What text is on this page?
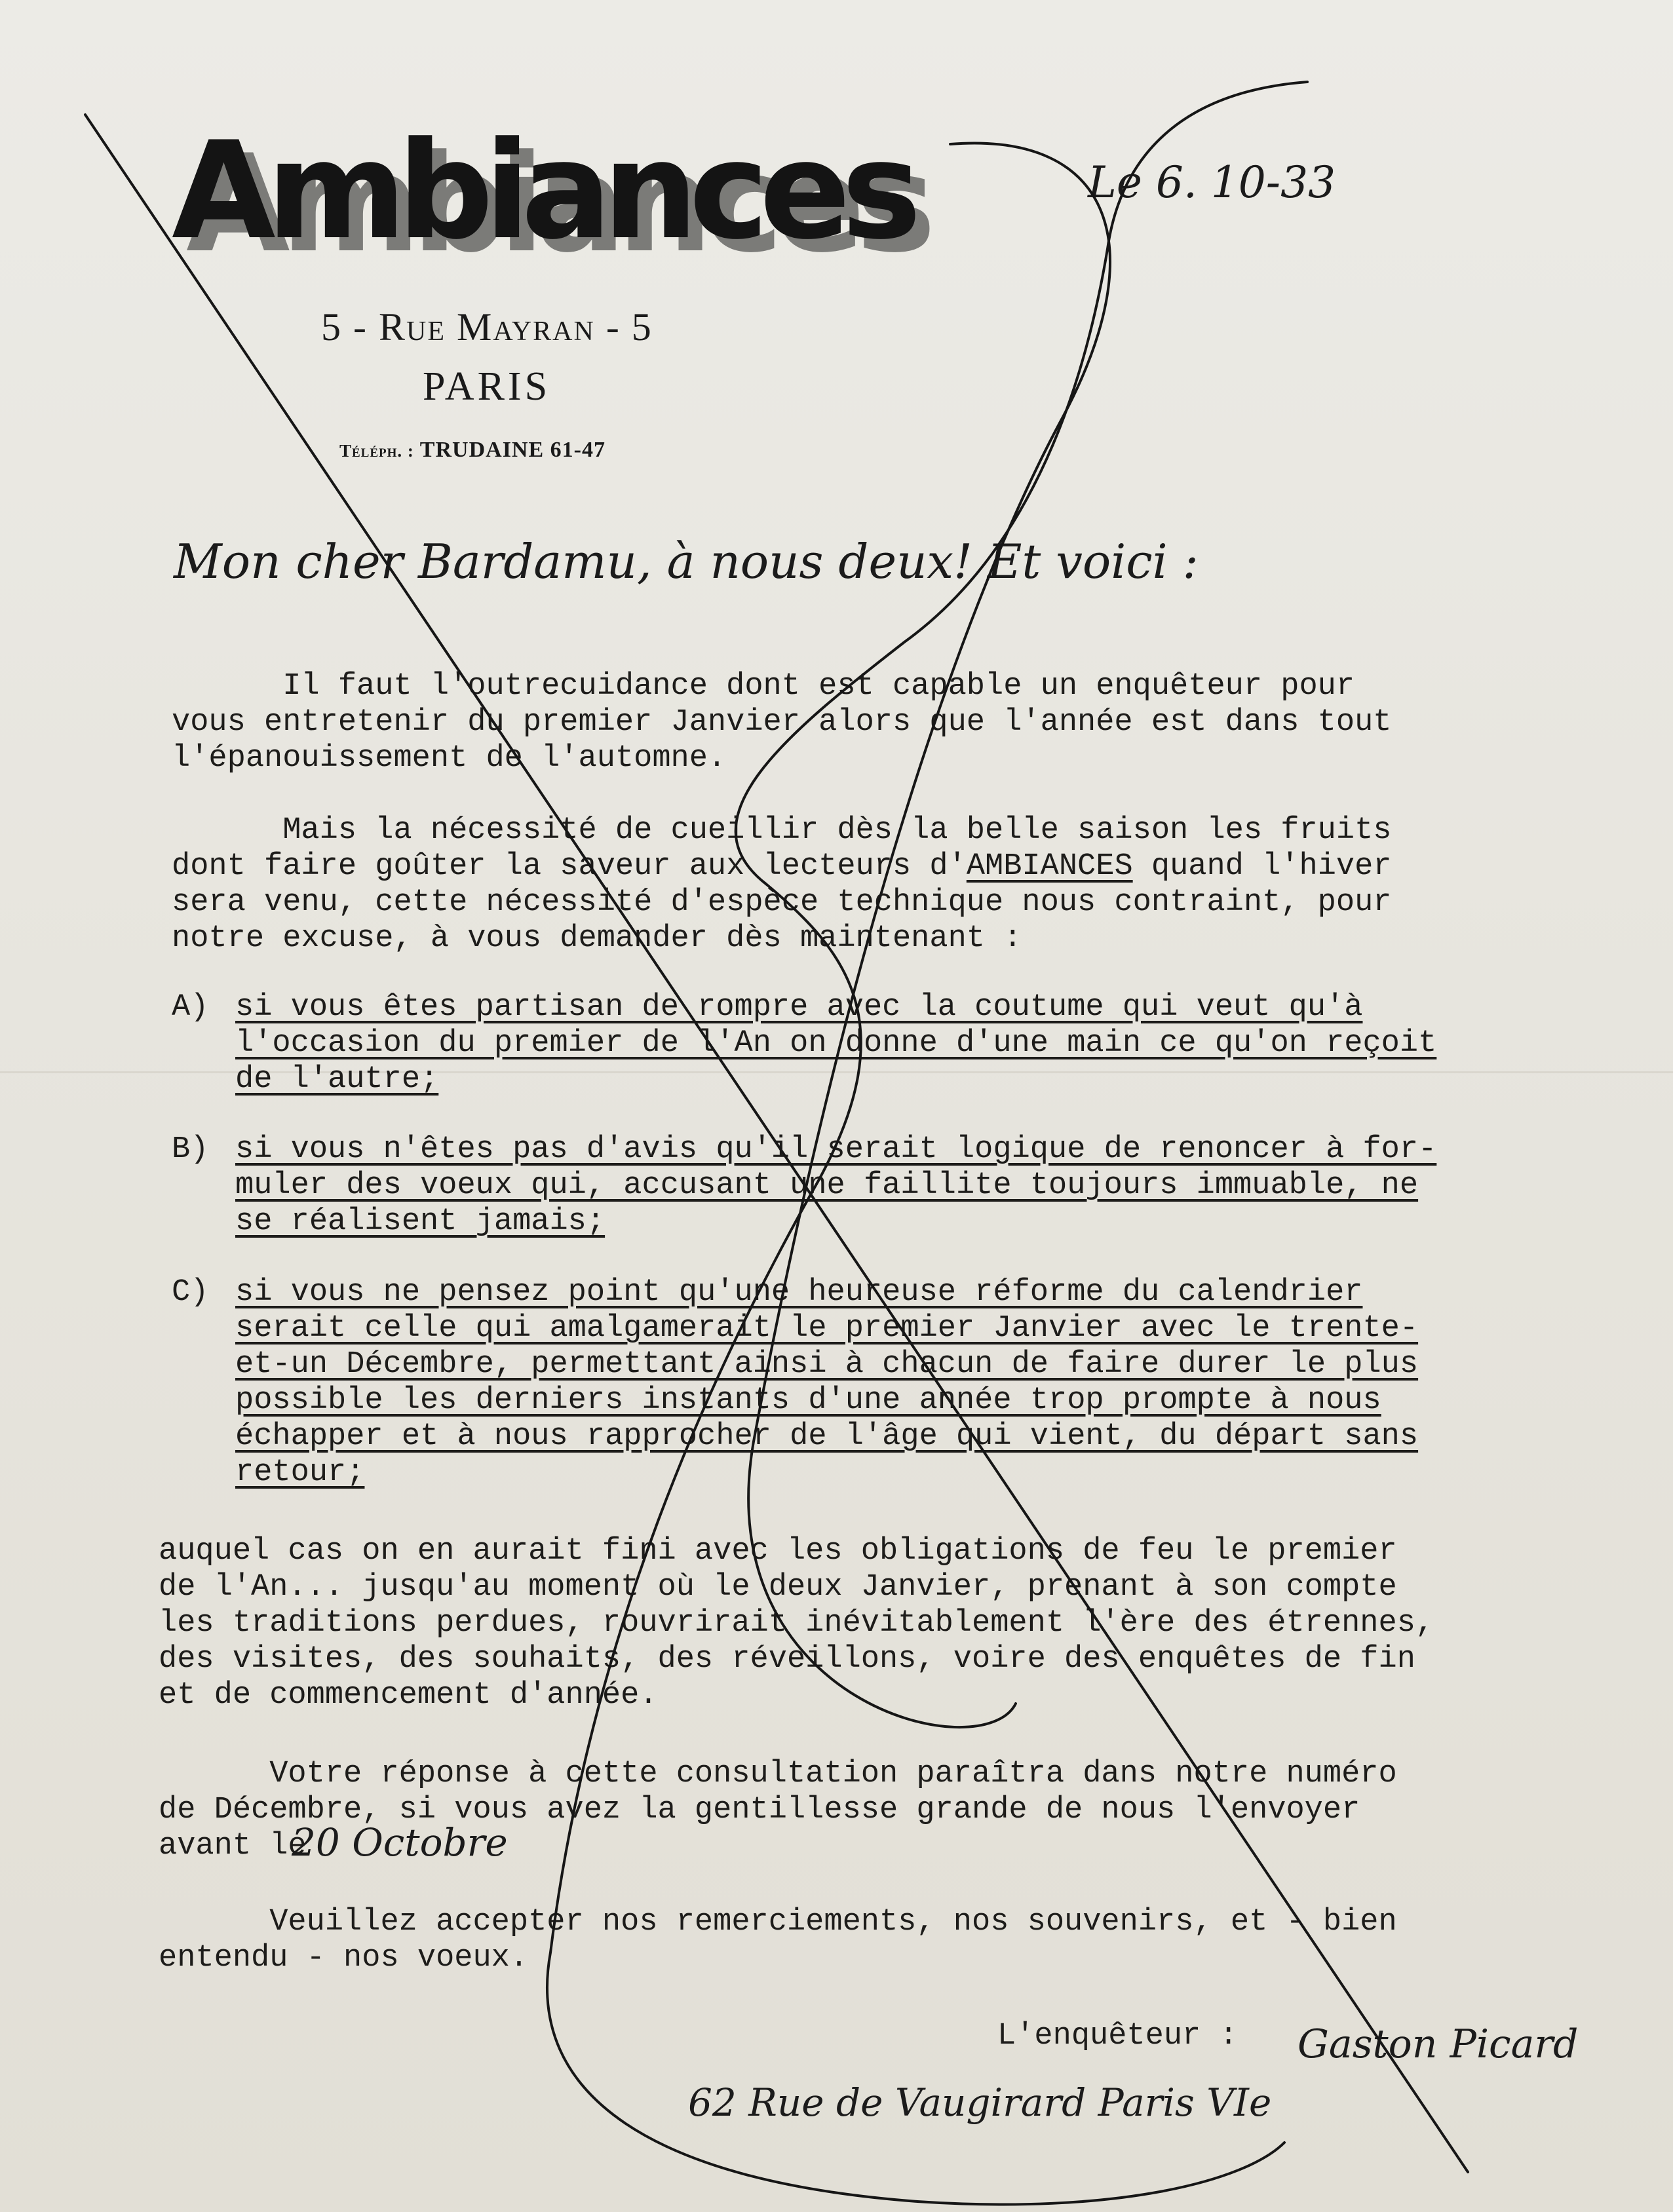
Ambiances
5 - Rue Mayran - 5
PARIS
Téléph. : TRUDAINE 61-47
Le 6. 10-33
Mon cher Bardamu, à nous deux! Et voici :
Il faut l'outrecuidance dont est capable un enquêteur pour
vous entretenir du premier Janvier alors que l'année est dans tout
l'épanouissement de l'automne.
Mais la nécessité de cueillir dès la belle saison les fruits
dont faire goûter la saveur aux lecteurs d'AMBIANCES quand l'hiver
sera venu, cette nécessité d'espèce technique nous contraint, pour
notre excuse, à vous demander dès maintenant :
A) si vous êtes partisan de rompre avec la coutume qui veut qu'à
l'occasion du premier de l'An on donne d'une main ce qu'on reçoit
de l'autre;
B) si vous n'êtes pas d'avis qu'il serait logique de renoncer à for-
muler des voeux qui, accusant une faillite toujours immuable, ne
se réalisent jamais;
C) si vous ne pensez point qu'une heureuse réforme du calendrier
serait celle qui amalgamerait le premier Janvier avec le trente-
et-un Décembre, permettant ainsi à chacun de faire durer le plus
possible les derniers instants d'une année trop prompte à nous
échapper et à nous rapprocher de l'âge qui vient, du départ sans
retour;
auquel cas on en aurait fini avec les obligations de feu le premier
de l'An... jusqu'au moment où le deux Janvier, prenant à son compte
les traditions perdues, rouvrirait inévitablement l'ère des étrennes,
des visites, des souhaits, des réveillons, voire des enquêtes de fin
et de commencement d'année.
Votre réponse à cette consultation paraîtra dans notre numéro
de Décembre, si vous avez la gentillesse grande de nous l'envoyer
avant le
20 Octobre
Veuillez accepter nos remerciements, nos souvenirs, et - bien
entendu - nos voeux.
L'enquêteur : Gaston Picard
62 Rue de Vaugirard Paris VIe
